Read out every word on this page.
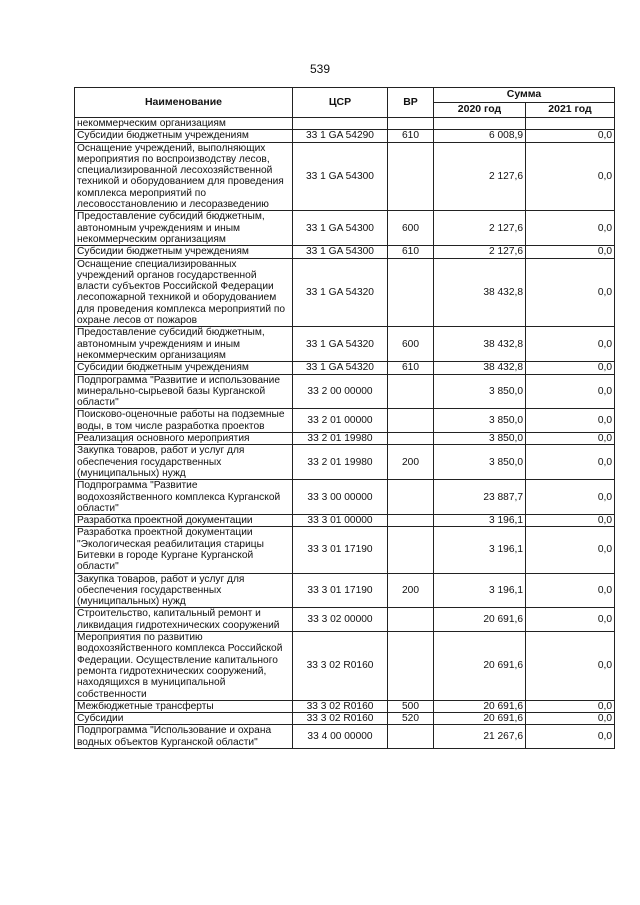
539
Наименование	ЦСР	ВР	Сумма	
			2020 год	2021 год
некоммерческим организациям				
Субсидии бюджетным учреждениям	33 1 GA 54290	610	6 008,9	0,0
Оснащение учреждений, выполняющих мероприятия по воспроизводству лесов, специализированной лесохозяйственной техникой и оборудованием для проведения комплекса мероприятий по лесовосстановлению и лесоразведению	33 1 GA 54300		2 127,6	0,0
Предоставление субсидий бюджетным, автономным учреждениям и иным некоммерческим организациям	33 1 GA 54300	600	2 127,6	0,0
Субсидии бюджетным учреждениям	33 1 GA 54300	610	2 127,6	0,0
Оснащение специализированных учреждений органов государственной власти субъектов Российской Федерации лесопожарной техникой и оборудованием для проведения комплекса мероприятий по охране лесов от пожаров	33 1 GA 54320		38 432,8	0,0
Предоставление субсидий бюджетным, автономным учреждениям и иным некоммерческим организациям	33 1 GA 54320	600	38 432,8	0,0
Субсидии бюджетным учреждениям	33 1 GA 54320	610	38 432,8	0,0
Подпрограмма "Развитие и использование минерально-сырьевой базы Курганской области"	33 2 00 00000		3 850,0	0,0
Поисково-оценочные работы на подземные воды, в том числе разработка проектов	33 2 01 00000		3 850,0	0,0
Реализация основного мероприятия	33 2 01 19980		3 850,0	0,0
Закупка товаров, работ и услуг для обеспечения государственных (муниципальных) нужд	33 2 01 19980	200	3 850,0	0,0
Подпрограмма "Развитие водохозяйственного комплекса Курганской области"	33 3 00 00000		23 887,7	0,0
Разработка проектной документации	33 3 01 00000		3 196,1	0,0
Разработка проектной документации "Экологическая реабилитация старицы Битевки в городе Кургане Курганской области"	33 3 01 17190		3 196,1	0,0
Закупка товаров, работ и услуг для обеспечения государственных (муниципальных) нужд	33 3 01 17190	200	3 196,1	0,0
Строительство, капитальный ремонт и ликвидация гидротехнических сооружений	33 3 02 00000		20 691,6	0,0
Мероприятия по развитию водохозяйственного комплекса Российской Федерации. Осуществление капитального ремонта гидротехнических сооружений, находящихся в муниципальной собственности	33 3 02 R0160		20 691,6	0,0
Межбюджетные трансферты	33 3 02 R0160	500	20 691,6	0,0
Субсидии	33 3 02 R0160	520	20 691,6	0,0
Подпрограмма "Использование и охрана водных объектов Курганской области"	33 4 00 00000		21 267,6	0,0
